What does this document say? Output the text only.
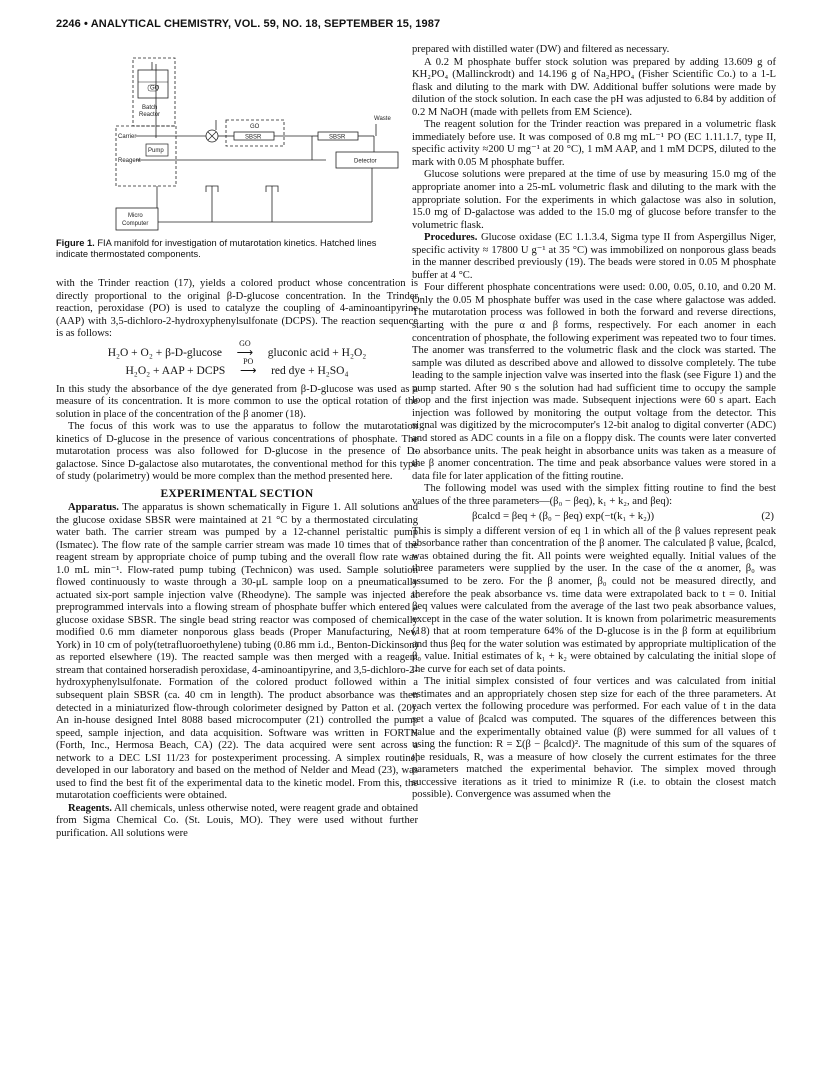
2246 • ANALYTICAL CHEMISTRY, VOL. 59, NO. 18, SEPTEMBER 15, 1987
GO
Batch
Reactor
Carrier
Reagent
Pump
GO
SBSR	SBSR
Waste
Detector
Micro
Computer
Figure 1. FIA manifold for investigation of mutarotation kinetics. Hatched lines indicate thermostated components.

with the Trinder reaction (17), yields a colored product whose concentration is directly proportional to the original β-D-glucose concentration. In the Trinder reaction, peroxidase (PO) is used to catalyze the coupling of 4-aminoantipyrine (AAP) with 3,5-dichloro-2-hydroxyphenylsulfonate (DCPS). The reaction sequence is as follows:

H₂O + O₂ + β-D-glucose
GO
⟶ gluconic acid + H₂O₂
H₂O₂ + AAP + DCPS
PO
⟶ red dye + H₂SO₄

In this study the absorbance of the dye generated from β-D-glucose was used as a measure of its concentration. It is more common to use the optical rotation of the solution in place of the concentration of the β anomer (18).

The focus of this work was to use the apparatus to follow the mutarotation kinetics of D-glucose in the presence of various concentrations of phosphate. The mutarotation process was also followed for D-glucose in the presence of D-galactose. Since D-galactose also mutarotates, the conventional method for this type of study (polarimetry) would be more complex than the method presented here.

EXPERIMENTAL SECTION

Apparatus. The apparatus is shown schematically in Figure 1. All solutions and the glucose oxidase SBSR were maintained at 21 °C by a thermostated circulating water bath. The carrier stream was pumped by a 12-channel peristaltic pump (Ismatec). The flow rate of the sample carrier stream was made 10 times that of the reagent stream by appropriate choice of pump tubing and the overall flow rate was 1.0 mL min⁻¹. Flow-rated pump tubing (Technicon) was used. Sample solution flowed continuously to waste through a 30-μL sample loop on a pneumatically actuated six-port sample injection valve (Rheodyne). The sample was injected at preprogrammed intervals into a flowing stream of phosphate buffer which entered a glucose oxidase SBSR. The single bead string reactor was composed of chemically modified 0.6 mm diameter nonporous glass beads (Proper Manufacturing, New York) in 10 cm of poly(tetrafluoroethylene) tubing (0.86 mm i.d., Benton-Dickinson) as reported elsewhere (19). The reacted sample was then merged with a reagent stream that contained horseradish peroxidase, 4-aminoantipyrine, and 3,5-dichloro-2-hydroxyphenylsulfonate. Formation of the colored product followed within a subsequent plain SBSR (ca. 40 cm in length). The product absorbance was then detected in a miniaturized flow-through colorimeter designed by Patton et al. (20). An in-house designed Intel 8088 based microcomputer (21) controlled the pump speed, sample injection, and data acquisition. Software was written in FORTH (Forth, Inc., Hermosa Beach, CA) (22). The data acquired were sent across a network to a DEC LSI 11/23 for postexperiment processing. A simplex routine, developed in our laboratory and based on the method of Nelder and Mead (23), was used to find the best fit of the experimental data to the kinetic model. From this, the mutarotation coefficients were obtained.

Reagents. All chemicals, unless otherwise noted, were reagent grade and obtained from Sigma Chemical Co. (St. Louis, MO). They were used without further purification. All solutions were

prepared with distilled water (DW) and filtered as necessary.

A 0.2 M phosphate buffer stock solution was prepared by adding 13.609 g of KH₂PO₄ (Mallinckrodt) and 14.196 g of Na₂HPO₄ (Fisher Scientific Co.) to a 1-L flask and diluting to the mark with DW. Additional buffer solutions were made by dilution of the stock solution. In each case the pH was adjusted to 6.84 by addition of 0.2 M NaOH (made with pellets from EM Science).

The reagent solution for the Trinder reaction was prepared in a volumetric flask immediately before use. It was composed of 0.8 mg mL⁻¹ PO (EC 1.11.1.7, type II, specific activity ≈200 U mg⁻¹ at 20 °C), 1 mM AAP, and 1 mM DCPS, diluted to the mark with 0.05 M phosphate buffer.

Glucose solutions were prepared at the time of use by measuring 15.0 mg of the appropriate anomer into a 25-mL volumetric flask and diluting to the mark with the appropriate solution. For the experiments in which galactose was also in solution, 15.0 mg of D-galactose was added to the 15.0 mg of glucose before transfer to the volumetric flask.

Procedures. Glucose oxidase (EC 1.1.3.4, Sigma type II from Aspergillus Niger, specific activity ≈ 17800 U g⁻¹ at 35 °C) was immobilized on nonporous glass beads in the manner described previously (19). The beads were stored in 0.05 M phosphate buffer at 4 °C.

Four different phosphate concentrations were used: 0.00, 0.05, 0.10, and 0.20 M. Only the 0.05 M phosphate buffer was used in the case where galactose was added. The mutarotation process was followed in both the forward and reverse directions, starting with the pure α and β forms, respectively. For each anomer in each concentration of phosphate, the following experiment was repeated two to four times. The anomer was transferred to the volumetric flask and the clock was started. The sample was diluted as described above and allowed to dissolve completely. The tube leading to the sample injection valve was inserted into the flask (see Figure 1) and the pump started. After 90 s the solution had had sufficient time to occupy the sample loop and the first injection was made. Subsequent injections were 60 s apart. Each injection was followed by monitoring the output voltage from the detector. This signal was digitized by the microcomputer's 12-bit analog to digital converter (ADC) and stored as ADC counts in a file on a floppy disk. The counts were later converted to absorbance units. The peak height in absorbance units was taken as a measure of the β anomer concentration. The time and peak absorbance values were stored in a data file for later application of the fitting routine.

The following model was used with the simplex fitting routine to find the best values of the three parameters—(β₀ − βeq), k₁ + k₂, and βeq):

βcalcd = βeq + (β₀ − βeq) exp(−t(k₁ + k₂))	(2)

This is simply a different version of eq 1 in which all of the β values represent peak absorbance rather than concentration of the β anomer. The calculated β value, βcalcd, was obtained during the fit. All points were weighted equally. Initial values of the three parameters were supplied by the user. In the case of the α anomer, β₀ was assumed to be zero. For the β anomer, β₀ could not be measured directly, and therefore the peak absorbance vs. time data were extrapolated back to t = 0. Initial βeq values were calculated from the average of the last two peak absorbance values, except in the case of the water solution. It is known from polarimetric measurements (18) that at room temperature 64% of the D-glucose is in the β form at equilibrium and thus βeq for the water solution was estimated by appropriate multiplication of the β₀ value. Initial estimates of k₁ + k₂ were obtained by calculating the initial slope of the curve for each set of data points.

The initial simplex consisted of four vertices and was calculated from initial estimates and an appropriately chosen step size for each of the three parameters. At each vertex the following procedure was performed. For each value of t in the data set a value of βcalcd was computed. The squares of the differences between this value and the experimentally obtained value (β) were summed for all values of t using the function: R = Σ(β − βcalcd)². The magnitude of this sum of the squares of the residuals, R, was a measure of how closely the current estimates for the three parameters matched the experimental behavior. The simplex moved through successive iterations as it tried to minimize R (i.e. to obtain the closest match possible). Convergence was assumed when the
